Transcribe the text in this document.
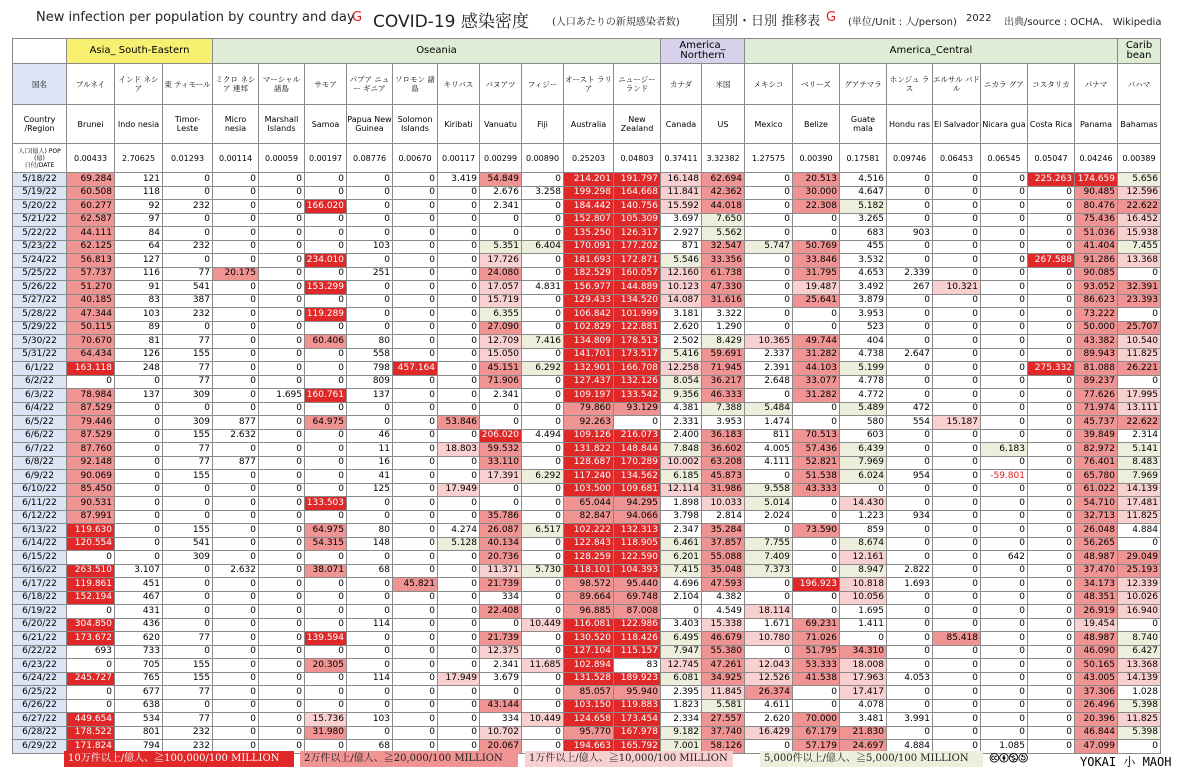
New infection per population by country and day
G COVID-19 感染密度 (人口あたりの新規感染者数) 国別・日別 推移表 G (単位/Unit : 人/person) 2022 出典/source : OCHA、 Wikipedia
	Asia_ South-Eastern			Oseania										America_ Northern		America_Central								Carib bean
国名	ブルネイ	インド ネシア	東 ティモール	ミクロ ネシア 連邦	マーシャル 諸島	サモア	パプア ニュー ギニア	ソロモン 諸島	キリバス	バヌアツ	フィジー	オースト ラリア	ニュージー ランド	カナダ	米国	メキシコ	ベリーズ	グアテマラ	ホンジュ ラス	エルサル バドル	ニカラ グア	コスタリカ	パナマ	バハマ
Country /Region	Brunei	Indo nesia	Timor- Leste	Micro nesia	Marshall Islands	Samoa	Papua New Guinea	Solomon Islands	Kiribati	Vanuatu	Fiji	Australia	New Zealand	Canada	US	Mexico	Belize	Guate mala	Hondu ras	El Salvador	Nicara gua	Costa Rica	Panama	Bahamas

人口(億人) POP (億)
日付/DATE	0.00433	2.70625	0.01293	0.00114	0.00059	0.00197	0.08776	0.00670	0.00117	0.00299	0.00890	0.25203	0.04803	0.37411	3.32382	1.27575	0.00390	0.17581	0.09746	0.06453	0.06545	0.05047	0.04246	0.00389
5/18/22	69.284	121	0	0	0	0	0	0	3.419	54.849	0	214.201	191.797	16.148	62.694	0	20.513	4.516	0	0	0	225.263	174.659	5.656
5/19/22	60.508	118	0	0	0	0	0	0	0	2.676	3.258	199.298	164.668	11.841	42.362	0	30.000	4.647	0	0	0	0	90.485	12.596
5/20/22	60.277	92	232	0	0	166.020	0	0	0	2.341	0	184.442	140.756	15.592	44.018	0	22.308	5.182	0	0	0	0	80.476	22.622
5/21/22	62.587	97	0	0	0	0	0	0	0	0	0	152.807	105.309	3.697	7.650	0	0	3.265	0	0	0	0	75.436	16.452
5/22/22	44.111	84	0	0	0	0	0	0	0	0	0	135.250	126.317	2.927	5.562	0	0	683	903	0	0	0	51.036	15.938
5/23/22	62.125	64	232	0	0	0	103	0	0	5.351	6.404	170.091	177.202	871	32.547	5.747	50.769	455	0	0	0	0	41.404	7.455
5/24/22	56.813	127	0	0	0	234.010	0	0	0	17.726	0	181.693	172.871	5.546	33.356	0	33.846	3.532	0	0	0	267.588	91.286	13.368
5/25/22	57.737	116	77	20.175	0	0	251	0	0	24.080	0	182.529	160.057	12.160	61.738	0	31.795	4.653	2.339	0	0	0	90.085	0
5/26/22	51.270	91	541	0	0	153.299	0	0	0	17.057	4.831	156.977	144.889	10.123	47.330	0	19.487	3.492	267	10.321	0	0	93.052	32.391
5/27/22	40.185	83	387	0	0	0	0	0	0	15.719	0	129.433	134.520	14.087	31.616	0	25.641	3.879	0	0	0	0	86.623	23.393
5/28/22	47.344	103	232	0	0	119.289	0	0	0	6.355	0	106.842	101.999	3.181	3.322	0	0	3.953	0	0	0	0	73.222	0
5/29/22	50.115	89	0	0	0	0	0	0	0	27.090	0	102.829	122.881	2.620	1.290	0	0	523	0	0	0	0	50.000	25.707
5/30/22	70.670	81	77	0	0	60.406	80	0	0	12.709	7.416	134.809	178.513	2.502	8.429	10.365	49.744	404	0	0	0	0	43.382	10.540
5/31/22	64.434	126	155	0	0	0	558	0	0	15.050	0	141.701	173.517	5.416	59.691	2.337	31.282	4.738	2.647	0	0	0	89.943	11.825
6/1/22	163.118	248	77	0	0	0	798	457.164	0	45.151	6.292	132.901	166.708	12.258	71.945	2.391	44.103	5.199	0	0	0	275.332	81.088	26.221
6/2/22	0	0	77	0	0	0	809	0	0	71.906	0	127.437	132.126	8.054	36.217	2.648	33.077	4.778	0	0	0	0	89.237	0
6/3/22	78.984	137	309	0	1.695	160.761	137	0	0	2.341	0	109.197	133.542	9.356	46.333	0	31.282	4.772	0	0	0	0	77.626	17.995
6/4/22	87.529	0	0	0	0	0	0	0	0	0	0	79.860	93.129	4.381	7.388	5.484	0	5.489	472	0	0	0	71.974	13.111
6/5/22	79.446	0	309	877	0	64.975	0	0	53.846	0	0	92.263	0	2.331	3.953	1.474	0	580	554	15.187	0	0	45.737	22.622
6/6/22	87.529	0	155	2.632	0	0	46	0	0	206.020	4.494	109.126	216.073	2.400	36.183	811	70.513	603	0	0	0	0	39.849	2.314
6/7/22	87.760	0	77	0	0	0	11	0	18.803	59.532	0	131.822	148.844	7.848	36.602	4.005	57.436	6.439	0	0	6.183	0	82.972	5.141
6/8/22	92.148	0	77	877	0	0	16	0	0	33.110	0	128.687	170.289	10.002	63.208	4.111	52.821	7.969	0	0	0	0	76.401	8.483
6/9/22	90.069	0	155	0	0	0	41	0	0	17.391	6.292	117.240	134.562	6.185	45.873	0	51.538	6.024	954	0	-59.801	0	65.780	7.969
6/10/22	85.450	0	0	0	0	0	125	0	17.949	0	0	103.500	109.681	12.114	31.986	9.558	43.333	0	0	0	0	0	61.022	14.139
6/11/22	90.531	0	0	0	0	133.503	0	0	0	0	0	65.044	94.295	1.898	10.033	5.014	0	14.430	0	0	0	0	54.710	17.481
6/12/22	87.991	0	0	0	0	0	0	0	0	35.786	0	82.847	94.066	3.798	2.814	2.024	0	1.223	934	0	0	0	32.713	11.825
6/13/22	119.630	0	155	0	0	64.975	80	0	4.274	26.087	6.517	102.222	132.313	2.347	35.284	0	73.590	859	0	0	0	0	26.048	4.884
6/14/22	120.554	0	541	0	0	54.315	148	0	5.128	40.134	0	122.843	118.905	6.461	37.857	7.755	0	8.674	0	0	0	0	56.265	0
6/15/22	0	0	309	0	0	0	0	0	0	20.736	0	128.259	122.590	6.201	55.088	7.409	0	12.161	0	0	642	0	48.987	29.049
6/16/22	263.510	3.107	0	2.632	0	38.071	68	0	0	11.371	5.730	118.101	104.393	7.415	35.048	7.373	0	8.947	2.822	0	0	0	37.470	25.193
6/17/22	119.861	451	0	0	0	0	0	45.821	0	21.739	0	98.572	95.440	4.696	47.593	0	196.923	10.818	1.693	0	0	0	34.173	12.339
6/18/22	152.194	467	0	0	0	0	0	0	0	334	0	89.664	69.748	2.104	4.382	0	0	10.056	0	0	0	0	48.351	10.026
6/19/22	0	431	0	0	0	0	0	0	0	22.408	0	96.885	87.008	0	4.549	18.114	0	1.695	0	0	0	0	26.919	16.940
6/20/22	304.850	436	0	0	0	0	114	0	0	0	10.449	116.081	122.986	3.403	15.338	1.671	69.231	1.411	0	0	0	0	19.454	0
6/21/22	173.672	620	77	0	0	139.594	0	0	0	21.739	0	130.520	118.426	6.495	46.679	10.780	71.026	0	0	85.418	0	0	48.987	8.740
6/22/22	693	733	0	0	0	0	0	0	0	12.375	0	127.104	115.157	7.947	55.380	0	51.795	34.310	0	0	0	0	46.090	6.427
6/23/22	0	705	155	0	0	20.305	0	0	0	2.341	11.685	102.894	83	12.745	47.261	12.043	53.333	18.008	0	0	0	0	50.165	13.368
6/24/22	245.727	765	155	0	0	0	114	0	17.949	3.679	0	131.528	189.923	6.081	34.925	12.526	41.538	17.963	4.053	0	0	0	43.005	14.139
6/25/22	0	677	77	0	0	0	0	0	0	0	0	85.057	95.940	2.395	11.845	26.374	0	17.417	0	0	0	0	37.306	1.028
6/26/22	0	638	0	0	0	0	0	0	0	43.144	0	103.150	119.883	1.823	5.581	4.611	0	4.078	0	0	0	0	26.496	5.398
6/27/22	449.654	534	77	0	0	15.736	103	0	0	334	10.449	124.658	173.454	2.334	27.557	2.620	70.000	3.481	3.991	0	0	0	20.396	11.825
6/28/22	178.522	801	232	0	0	31.980	0	0	0	10.702	0	95.770	167.978	9.182	37.740	16.429	67.179	21.830	0	0	0	0	46.844	5.398
6/29/22	171.824	794	232	0	0	0	68	0	0	20.067	0	194.663	165.792	7.001	58.126	0	57.179	24.697	4.884	0	1.085	0	47.099	0
10万件以上/億人、≧100,000/100 MILLION	2万件以上/億人、≧20,000/100 MILLION	1万件以上/億人、≧10,000/100 MILLION	5,000件以上/億人、≧5,000/100 MILLION	🅭🅯🄏🄎	YOKAI 小 MAOH
